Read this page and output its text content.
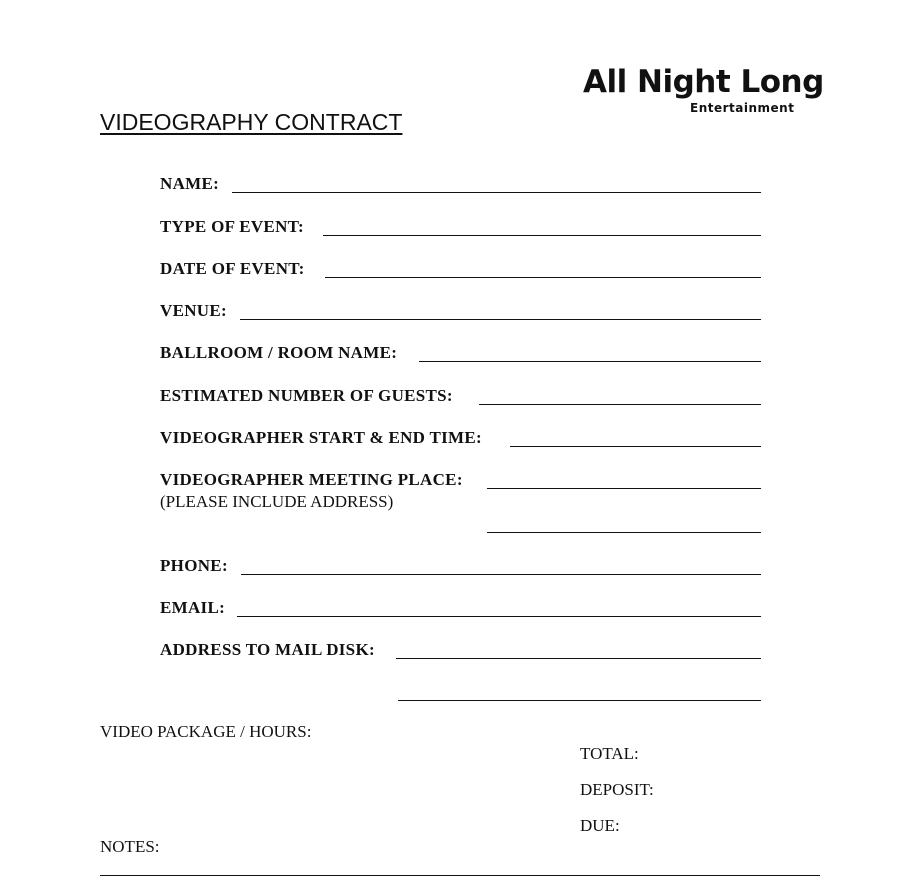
All Night Long
Entertainment
VIDEOGRAPHY CONTRACT
NAME:
TYPE OF EVENT:
DATE OF EVENT:
VENUE:
BALLROOM / ROOM NAME:
ESTIMATED NUMBER OF GUESTS:
VIDEOGRAPHER START & END TIME:
VIDEOGRAPHER MEETING PLACE:
(PLEASE INCLUDE ADDRESS)
PHONE:
EMAIL:
ADDRESS TO MAIL DISK:
VIDEO PACKAGE / HOURS:
TOTAL:
DEPOSIT:
DUE:
NOTES:
